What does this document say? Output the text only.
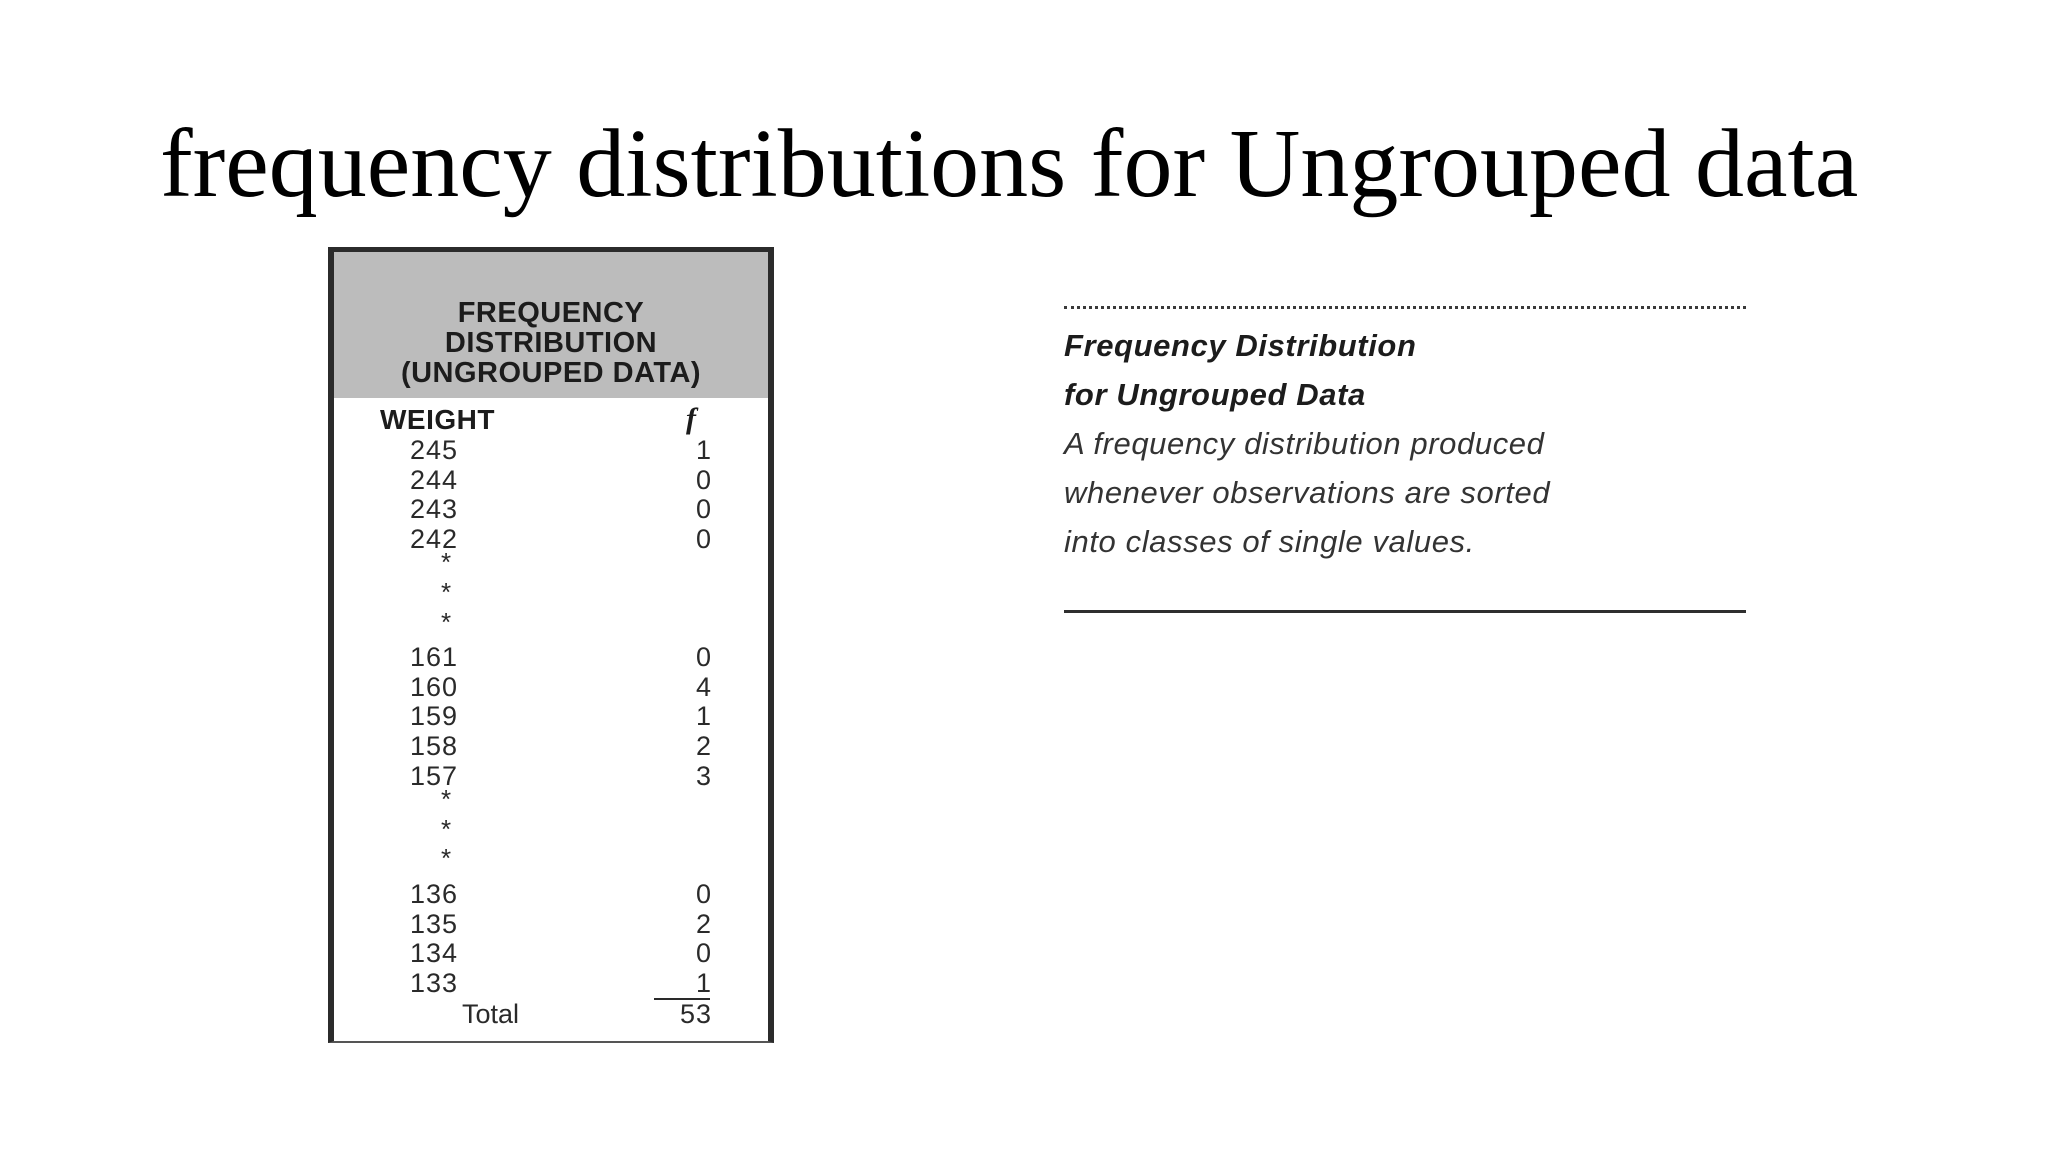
frequency distributions for Ungrouped data
FREQUENCY
DISTRIBUTION
(UNGROUPED DATA)
WEIGHT	f
245	1
244	0
243	0
242	0
*
*
*
161	0
160	4
159	1
158	2
157	3
*
*
*
136	0
135	2
134	0
133	1
Total	53
Frequency Distribution
for Ungrouped Data
A frequency distribution produced
whenever observations are sorted
into classes of single values.
